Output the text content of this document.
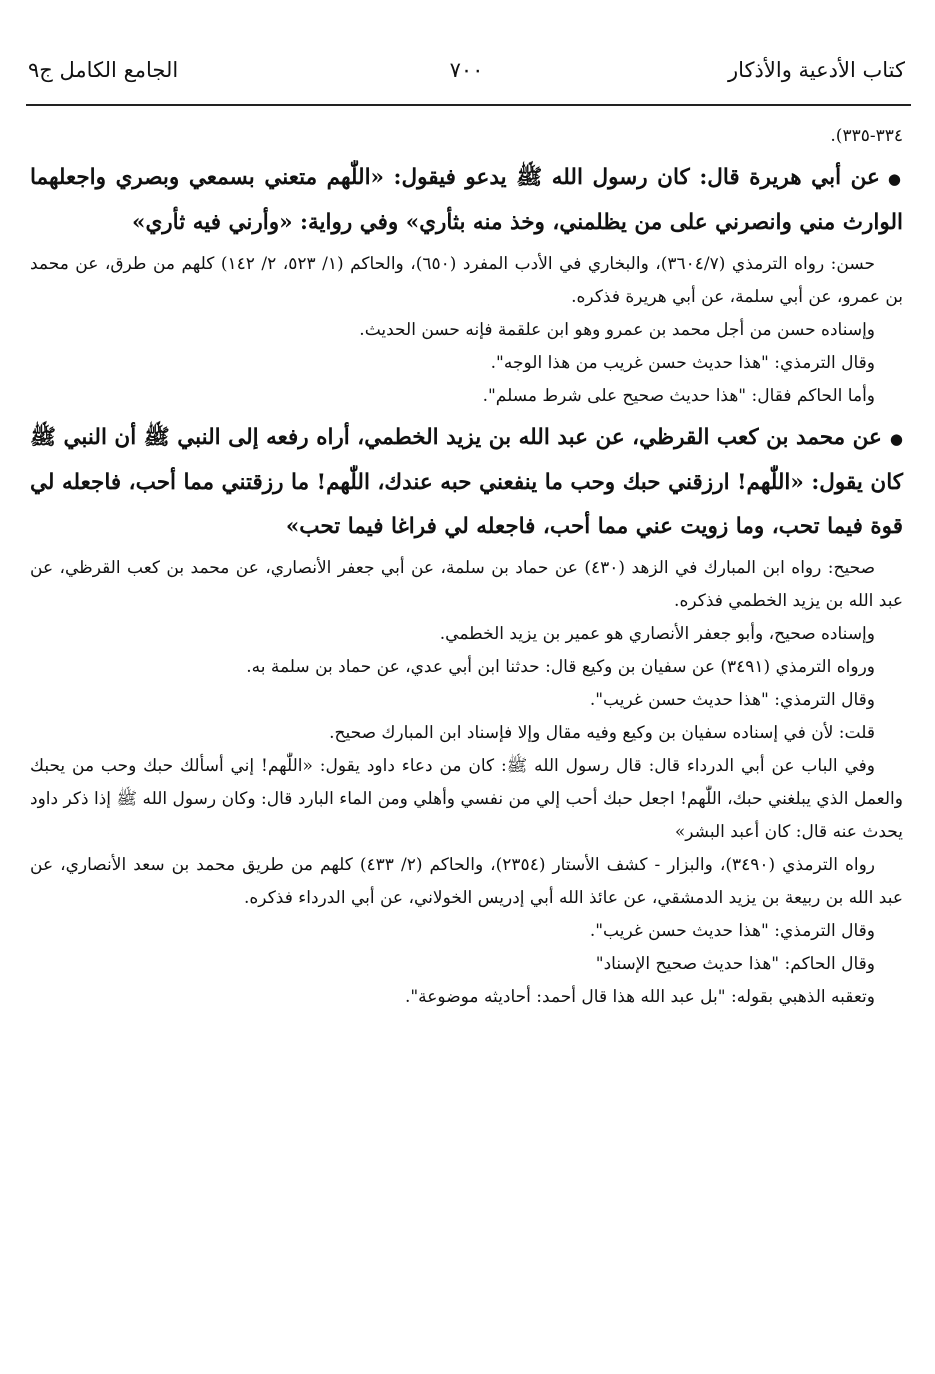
كتاب الأدعية والأذكار
٧٠٠
الجامع الكامل ج٩

٣٣٤-٣٣٥).

●عن أبي هريرة قال: كان رسول الله ﷺ يدعو فيقول: «اللّٰهم متعني بسمعي وبصري واجعلهما الوارث مني وانصرني على من يظلمني، وخذ منه بثأري» وفي رواية: «وأرني فيه ثأري»

حسن: رواه الترمذي (٣٦٠٤/٧)، والبخاري في الأدب المفرد (٦٥٠)، والحاكم (١/ ٥٢٣، ٢/ ١٤٢) كلهم من طرق، عن محمد بن عمرو، عن أبي سلمة، عن أبي هريرة فذكره.

وإسناده حسن من أجل محمد بن عمرو وهو ابن علقمة فإنه حسن الحديث.

وقال الترمذي: "هذا حديث حسن غريب من هذا الوجه".

وأما الحاكم فقال: "هذا حديث صحيح على شرط مسلم".

●عن محمد بن كعب القرظي، عن عبد الله بن يزيد الخطمي، أراه رفعه إلى النبي ﷺ أن النبي ﷺ كان يقول: «اللّٰهم! ارزقني حبك وحب ما ينفعني حبه عندك، اللّٰهم! ما رزقتني مما أحب، فاجعله لي قوة فيما تحب، وما زويت عني مما أحب، فاجعله لي فراغا فيما تحب»

صحيح: رواه ابن المبارك في الزهد (٤٣٠) عن حماد بن سلمة، عن أبي جعفر الأنصاري، عن محمد بن كعب القرظي، عن عبد الله بن يزيد الخطمي فذكره.

وإسناده صحيح، وأبو جعفر الأنصاري هو عمير بن يزيد الخطمي.

ورواه الترمذي (٣٤٩١) عن سفيان بن وكيع قال: حدثنا ابن أبي عدي، عن حماد بن سلمة به.

وقال الترمذي: "هذا حديث حسن غريب".

قلت: لأن في إسناده سفيان بن وكيع وفيه مقال وإلا فإسناد ابن المبارك صحيح.

وفي الباب عن أبي الدرداء قال: قال رسول الله ﷺ: كان من دعاء داود يقول: «اللّٰهم! إني أسألك حبك وحب من يحبك والعمل الذي يبلغني حبك، اللّٰهم! اجعل حبك أحب إلي من نفسي وأهلي ومن الماء البارد قال: وكان رسول الله ﷺ إذا ذكر داود يحدث عنه قال: كان أعبد البشر»

رواه الترمذي (٣٤٩٠)، والبزار - كشف الأستار (٢٣٥٤)، والحاكم (٢/ ٤٣٣) كلهم من طريق محمد بن سعد الأنصاري، عن عبد الله بن ربيعة بن يزيد الدمشقي، عن عائذ الله أبي إدريس الخولاني، عن أبي الدرداء فذكره.

وقال الترمذي: "هذا حديث حسن غريب".

وقال الحاكم: "هذا حديث صحيح الإسناد"

وتعقبه الذهبي بقوله: "بل عبد الله هذا قال أحمد: أحاديثه موضوعة".
